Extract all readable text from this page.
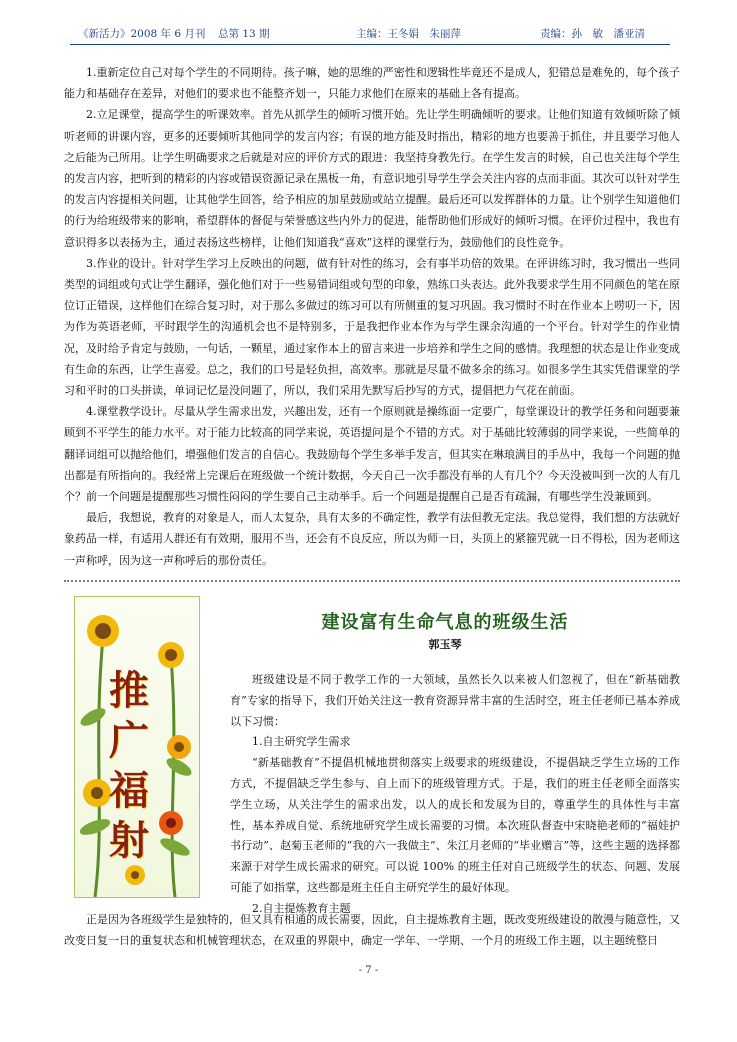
《新活力》2008 年 6 月刊 总第 13 期	主编：王冬娟　朱丽萍	责编：孙　敏　潘亚清

1.重新定位自己对每个学生的不同期待。孩子嘛，她的思维的严密性和逻辑性毕竟还不是成人，犯错总是难免的，每个孩子能力和基础存在差异，对他们的要求也不能整齐划一，只能力求他们在原来的基础上各有提高。

2.立足课堂，提高学生的听课效率。首先从抓学生的倾听习惯开始。先让学生明确倾听的要求。让他们知道有效倾听除了倾听老师的讲课内容，更多的还要倾听其他同学的发言内容；有误的地方能及时指出，精彩的地方也要善于抓住，并且要学习他人之后能为己所用。让学生明确要求之后就是对应的评价方式的跟进：我坚持身教先行。在学生发言的时候，自己也关注每个学生的发言内容，把听到的精彩的内容或错误资源记录在黑板一角，有意识地引导学生学会关注内容的点而非面。其次可以针对学生的发言内容提相关问题，让其他学生回答，给予相应的加星鼓励或站立提醒。最后还可以发挥群体的力量。让个别学生知道他们的行为给班级带来的影响，希望群体的督促与荣誉感这些内外力的促进，能帮助他们形成好的倾听习惯。在评价过程中，我也有意识得多以表扬为主，通过表扬这些榜样，让他们知道我“喜欢”这样的课堂行为，鼓励他们的良性竞争。

3.作业的设计。针对学生学习上反映出的问题，做有针对性的练习，会有事半功倍的效果。在评讲练习时，我习惯出一些同类型的词组或句式让学生翻译，强化他们对于一些易错词组或句型的印象，熟练口头表达。此外我要求学生用不同颜色的笔在原位订正错误，这样他们在综合复习时，对于那么多做过的练习可以有所侧重的复习巩固。我习惯时不时在作业本上唠叨一下，因为作为英语老师，平时跟学生的沟通机会也不是特别多，于是我把作业本作为与学生课余沟通的一个平台。针对学生的作业情况，及时给予肯定与鼓励，一句话，一颗星，通过家作本上的留言来进一步培养和学生之间的感情。我理想的状态是让作业变成有生命的东西，让学生喜爱。总之，我们的口号是轻负担，高效率。那就是尽量不做多余的练习。如很多学生其实凭借课堂的学习和平时的口头拼读，单词记忆是没问题了，所以，我们采用先默写后抄写的方式，提倡把力气花在前面。

4.课堂教学设计。尽量从学生需求出发，兴趣出发，还有一个原则就是操练面一定要广，每堂课设计的教学任务和问题要兼顾到不平学生的能力水平。对于能力比较高的同学来说，英语提问是个不错的方式。对于基础比较薄弱的同学来说，一些简单的翻译词组可以抛给他们，增强他们发言的自信心。我鼓励每个学生多举手发言，但其实在琳琅满目的手丛中，我每一个问题的抛出都是有所指向的。我经常上完课后在班级做一个统计数据，今天自己一次手都没有举的人有几个？今天没被叫到一次的人有几个？前一个问题是提醒那些习惯性闷闷的学生要自己主动举手。后一个问题是提醒自己是否有疏漏，有哪些学生没兼顾到。

最后，我想说，教育的对象是人，而人太复杂，具有太多的不确定性，教学有法但教无定法。我总觉得，我们想的方法就好象药品一样，有适用人群还有有效期，服用不当，还会有不良反应，所以为师一日，头顶上的紧箍咒就一日不得松，因为老师这一声称呼，因为这一声称呼后的那份责任。

推
广
福
射
建设富有生命气息的班级生活
郭玉琴

班级建设是不同于教学工作的一大领域，虽然长久以来被人们忽视了，但在“新基础教育”专家的指导下，我们开始关注这一教育资源异常丰富的生活时空，班主任老师已基本养成以下习惯：

1.自主研究学生需求

“新基础教育”不提倡机械地贯彻落实上级要求的班级建设，不提倡缺乏学生立场的工作方式，不提倡缺乏学生参与、自上而下的班级管理方式。于是，我们的班主任老师全面落实学生立场，从关注学生的需求出发，以人的成长和发展为目的，尊重学生的具体性与丰富性，基本养成自觉、系统地研究学生成长需要的习惯。本次班队督查中宋晓艳老师的“福娃护书行动”、赵菊玉老师的“我的六一我做主”、朱江月老师的“毕业赠言”等，这些主题的选择都来源于对学生成长需求的研究。可以说 100% 的班主任对自己班级学生的状态、问题、发展可能了如指掌，这些都是班主任自主研究学生的最好体现。

2.自主提炼教育主题

正是因为各班级学生是独特的，但又具有相通的成长需要，因此，自主提炼教育主题，既改变班级建设的散漫与随意性，又改变日复一日的重复状态和机械管理状态，在双重的界限中，确定一学年、一学期、一个月的班级工作主题，以主题统整日

- 7 -
